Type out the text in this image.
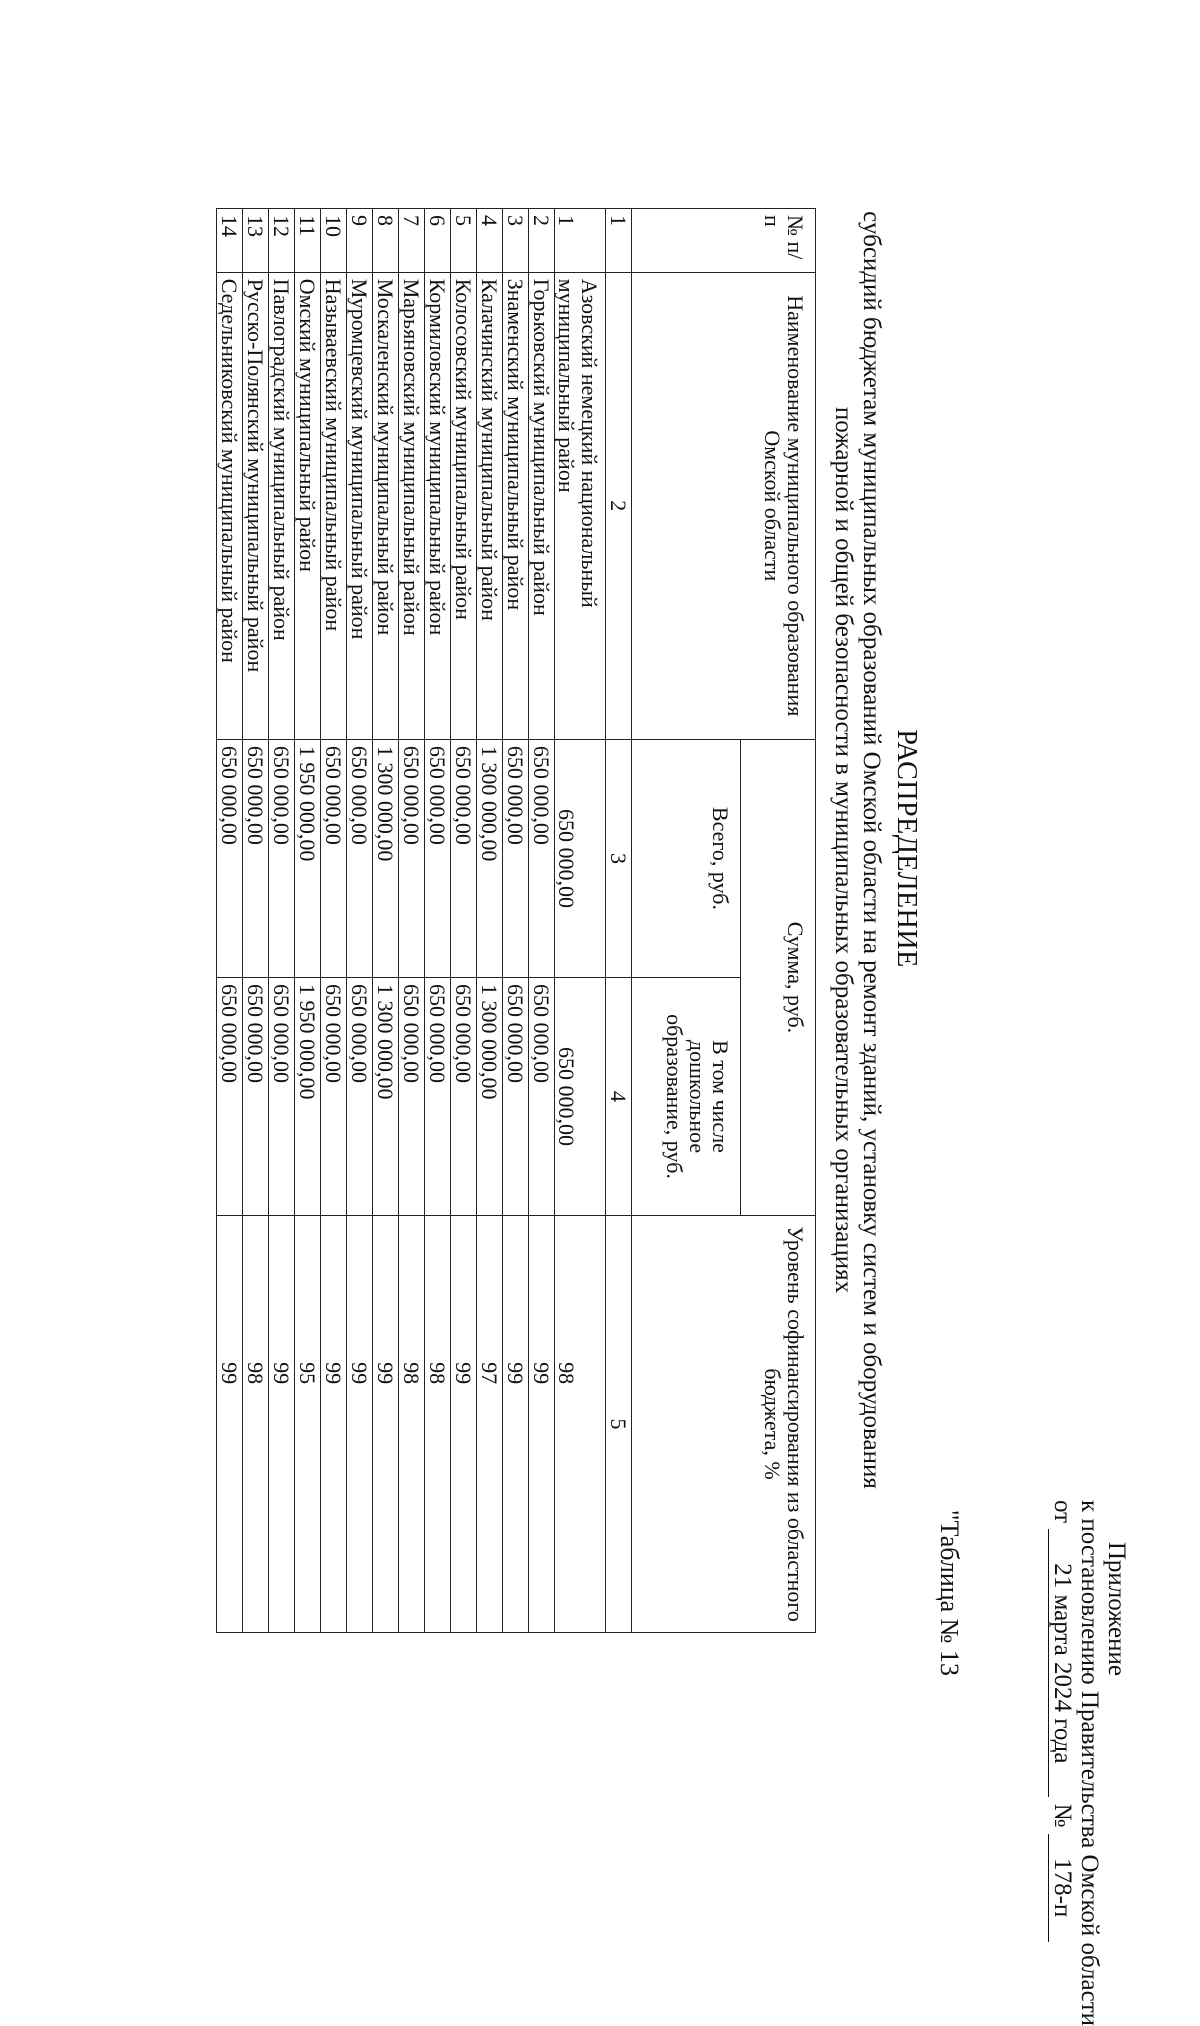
Приложение
к постановлению Правительства Омской области
от 21 марта 2024 года № 178-п
"Таблица № 13
РАСПРЕДЕЛЕНИЕ
субсидий бюджетам муниципальных образований Омской области на ремонт зданий, установку систем и оборудования пожарной и общей безопасности в муниципальных образовательных организациях
№ п/п	Наименование муниципального образования Омской области	Сумма, руб.		Уровень софинансирования из областного бюджета, %
		Всего, руб.	В том числе дошкольное образование, руб.	
1	2	3	4	5
1	Азовский немецкий национальный муниципальный район	650 000,00	650 000,00	98
2	Горьковский муниципальный район	650 000,00	650 000,00	99
3	Знаменский муниципальный район	650 000,00	650 000,00	99
4	Калачинский муниципальный район	1 300 000,00	1 300 000,00	97
5	Колосовский муниципальный район	650 000,00	650 000,00	99
6	Кормиловский муниципальный район	650 000,00	650 000,00	98
7	Марьяновский муниципальный район	650 000,00	650 000,00	98
8	Москаленский муниципальный район	1 300 000,00	1 300 000,00	99
9	Муромцевский муниципальный район	650 000,00	650 000,00	99
10	Называевский муниципальный район	650 000,00	650 000,00	99
11	Омский муниципальный район	1 950 000,00	1 950 000,00	95
12	Павлоградский муниципальный район	650 000,00	650 000,00	99
13	Русско-Полянский муниципальный район	650 000,00	650 000,00	98
14	Седельниковский муниципальный район	650 000,00	650 000,00	99
